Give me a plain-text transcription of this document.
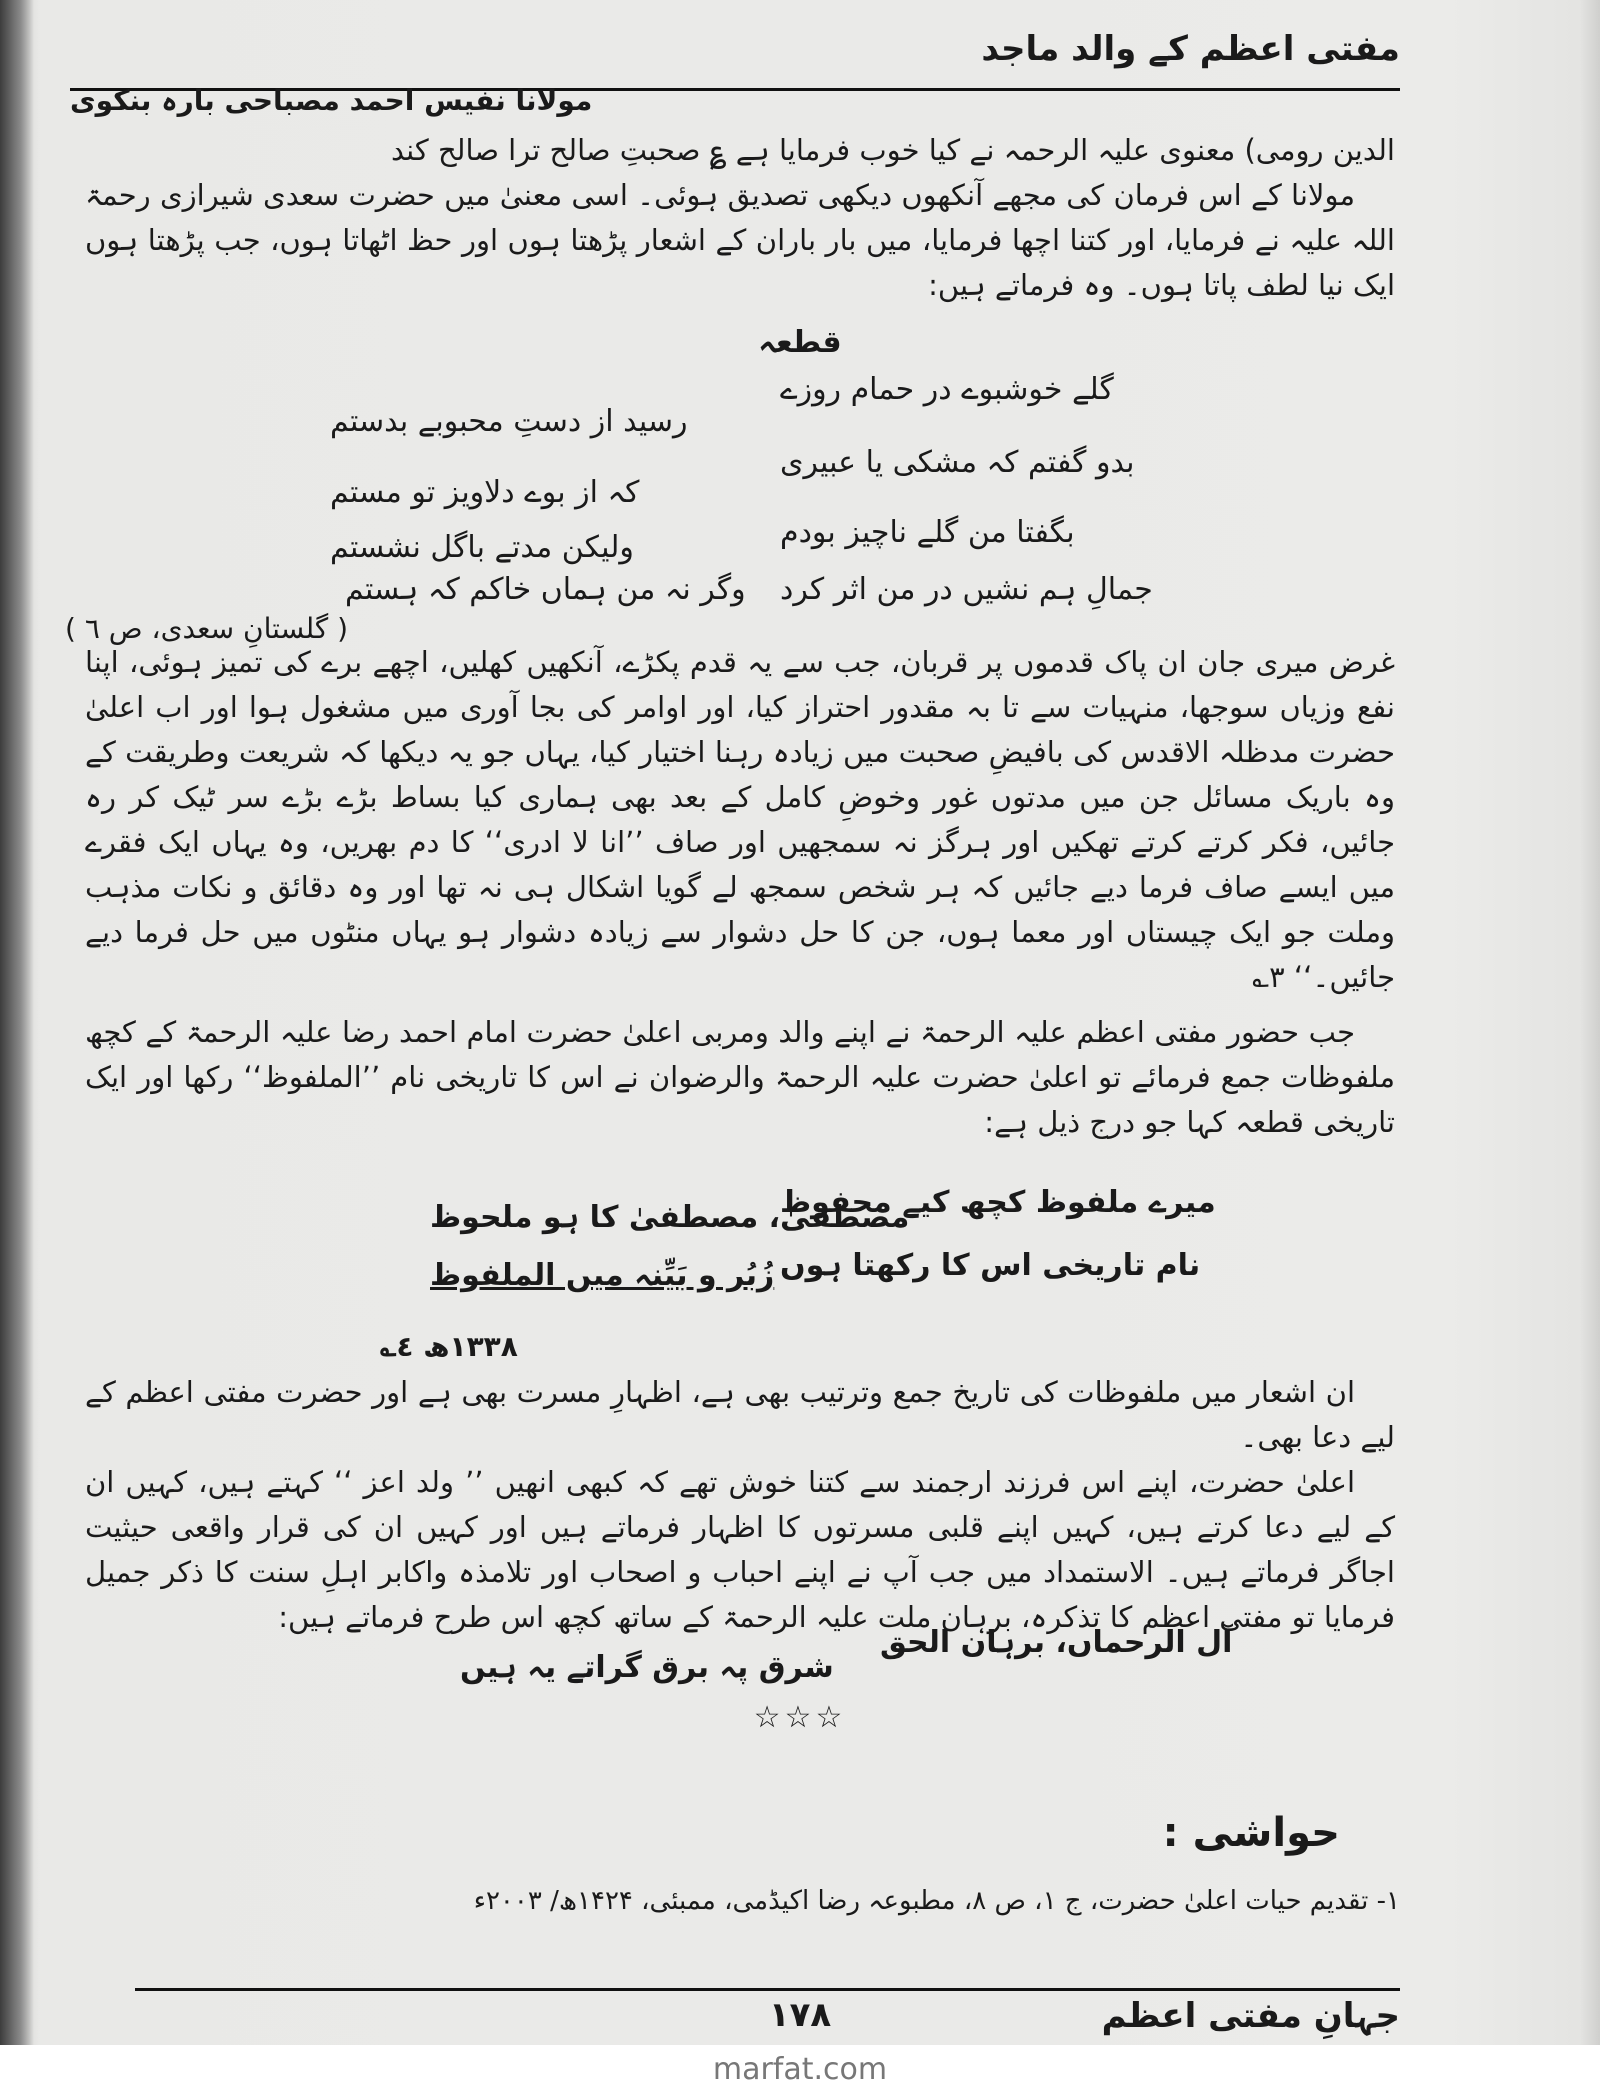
مفتی اعظم کے والد ماجد
مولانا نفیس احمد مصباحی بارہ بنکوی

الدین رومی) معنوی علیہ الرحمہ نے کیا خوب فرمایا ہے ؏ صحبتِ صالح ترا صالح کند

مولانا کے اس فرمان کی مجھے آنکھوں دیکھی تصدیق ہوئی۔ اسی معنیٰ میں حضرت سعدی شیرازی رحمۃ اللہ علیہ نے فرمایا، اور کتنا اچھا فرمایا، میں بار باران کے اشعار پڑھتا ہوں اور حظ اٹھاتا ہوں، جب پڑھتا ہوں ایک نیا لطف پاتا ہوں۔ وہ فرماتے ہیں:

قطعہ
گلے خوشبوے در حمام روزے
رسید از دستِ محبوبے بدستم
بدو گفتم کہ مشکی یا عبیری
کہ از بوے دلاویز تو مستم
بگفتا من گلے ناچیز بودم
ولیکن مدتے باگل نشستم
جمالِ ہم نشیں در من اثر کرد
وگر نہ من ہماں خاکم کہ ہستم
( گلستانِ سعدی، ص ٦ )

غرض میری جان ان پاک قدموں پر قربان، جب سے یہ قدم پکڑے، آنکھیں کھلیں، اچھے برے کی تمیز ہوئی، اپنا نفع وزیاں سوجھا، منہیات سے تا بہ مقدور احتراز کیا، اور اوامر کی بجا آوری میں مشغول ہوا اور اب اعلیٰ حضرت مدظلہ الاقدس کی بافیضِ صحبت میں زیادہ رہنا اختیار کیا، یہاں جو یہ دیکھا کہ شریعت وطریقت کے وہ باریک مسائل جن میں مدتوں غور وخوضِ کامل کے بعد بھی ہماری کیا بساط بڑے بڑے سر ٹیک کر رہ جائیں، فکر کرتے کرتے تھکیں اور ہرگز نہ سمجھیں اور صاف ’’انا لا ادری‘‘ کا دم بھریں، وہ یہاں ایک فقرے میں ایسے صاف فرما دیے جائیں کہ ہر شخص سمجھ لے گویا اشکال ہی نہ تھا اور وہ دقائق و نکات مذہب وملت جو ایک چیستاں اور معما ہوں، جن کا حل دشوار سے زیادہ دشوار ہو یہاں منٹوں میں حل فرما دیے جائیں۔‘‘ ٣؎

جب حضور مفتی اعظم علیہ الرحمۃ نے اپنے والد ومربی اعلیٰ حضرت امام احمد رضا علیہ الرحمۃ کے کچھ ملفوظات جمع فرمائے تو اعلیٰ حضرت علیہ الرحمۃ والرضوان نے اس کا تاریخی نام ’’الملفوظ‘‘ رکھا اور ایک تاریخی قطعہ کہا جو درج ذیل ہے:

میرے ملفوظ کچھ کیے محفوظ
مصطفیٰ، مصطفیٰ کا ہو ملحوظ
نام تاریخی اس کا رکھتا ہوں
زُبُر و بَیِّنہ میں الملفوظ
١٣٣٨ھ ٤؎

ان اشعار میں ملفوظات کی تاریخ جمع وترتیب بھی ہے، اظہارِ مسرت بھی ہے اور حضرت مفتی اعظم کے لیے دعا بھی۔

اعلیٰ حضرت، اپنے اس فرزند ارجمند سے کتنا خوش تھے کہ کبھی انھیں ’’ ولد اعز ‘‘ کہتے ہیں، کہیں ان کے لیے دعا کرتے ہیں، کہیں اپنے قلبی مسرتوں کا اظہار فرماتے ہیں اور کہیں ان کی قرار واقعی حیثیت اجاگر فرماتے ہیں۔ الاستمداد میں جب آپ نے اپنے احباب و اصحاب اور تلامذہ واکابر اہلِ سنت کا ذکر جمیل فرمایا تو مفتی اعظم کا تذکرہ، برہان ملت علیہ الرحمۃ کے ساتھ کچھ اس طرح فرماتے ہیں:

آل الرحماں، برہان الحق
شرق پہ برق گراتے یہ ہیں
☆☆☆
حواشی :
۱- تقدیم حیات اعلیٰ حضرت، ج ۱، ص ۸، مطبوعہ رضا اکیڈمی، ممبئی، ۱۴۲۴ھ/ ۲۰۰۳ء
۱۷۸	جہانِ مفتی اعظم
marfat.com
